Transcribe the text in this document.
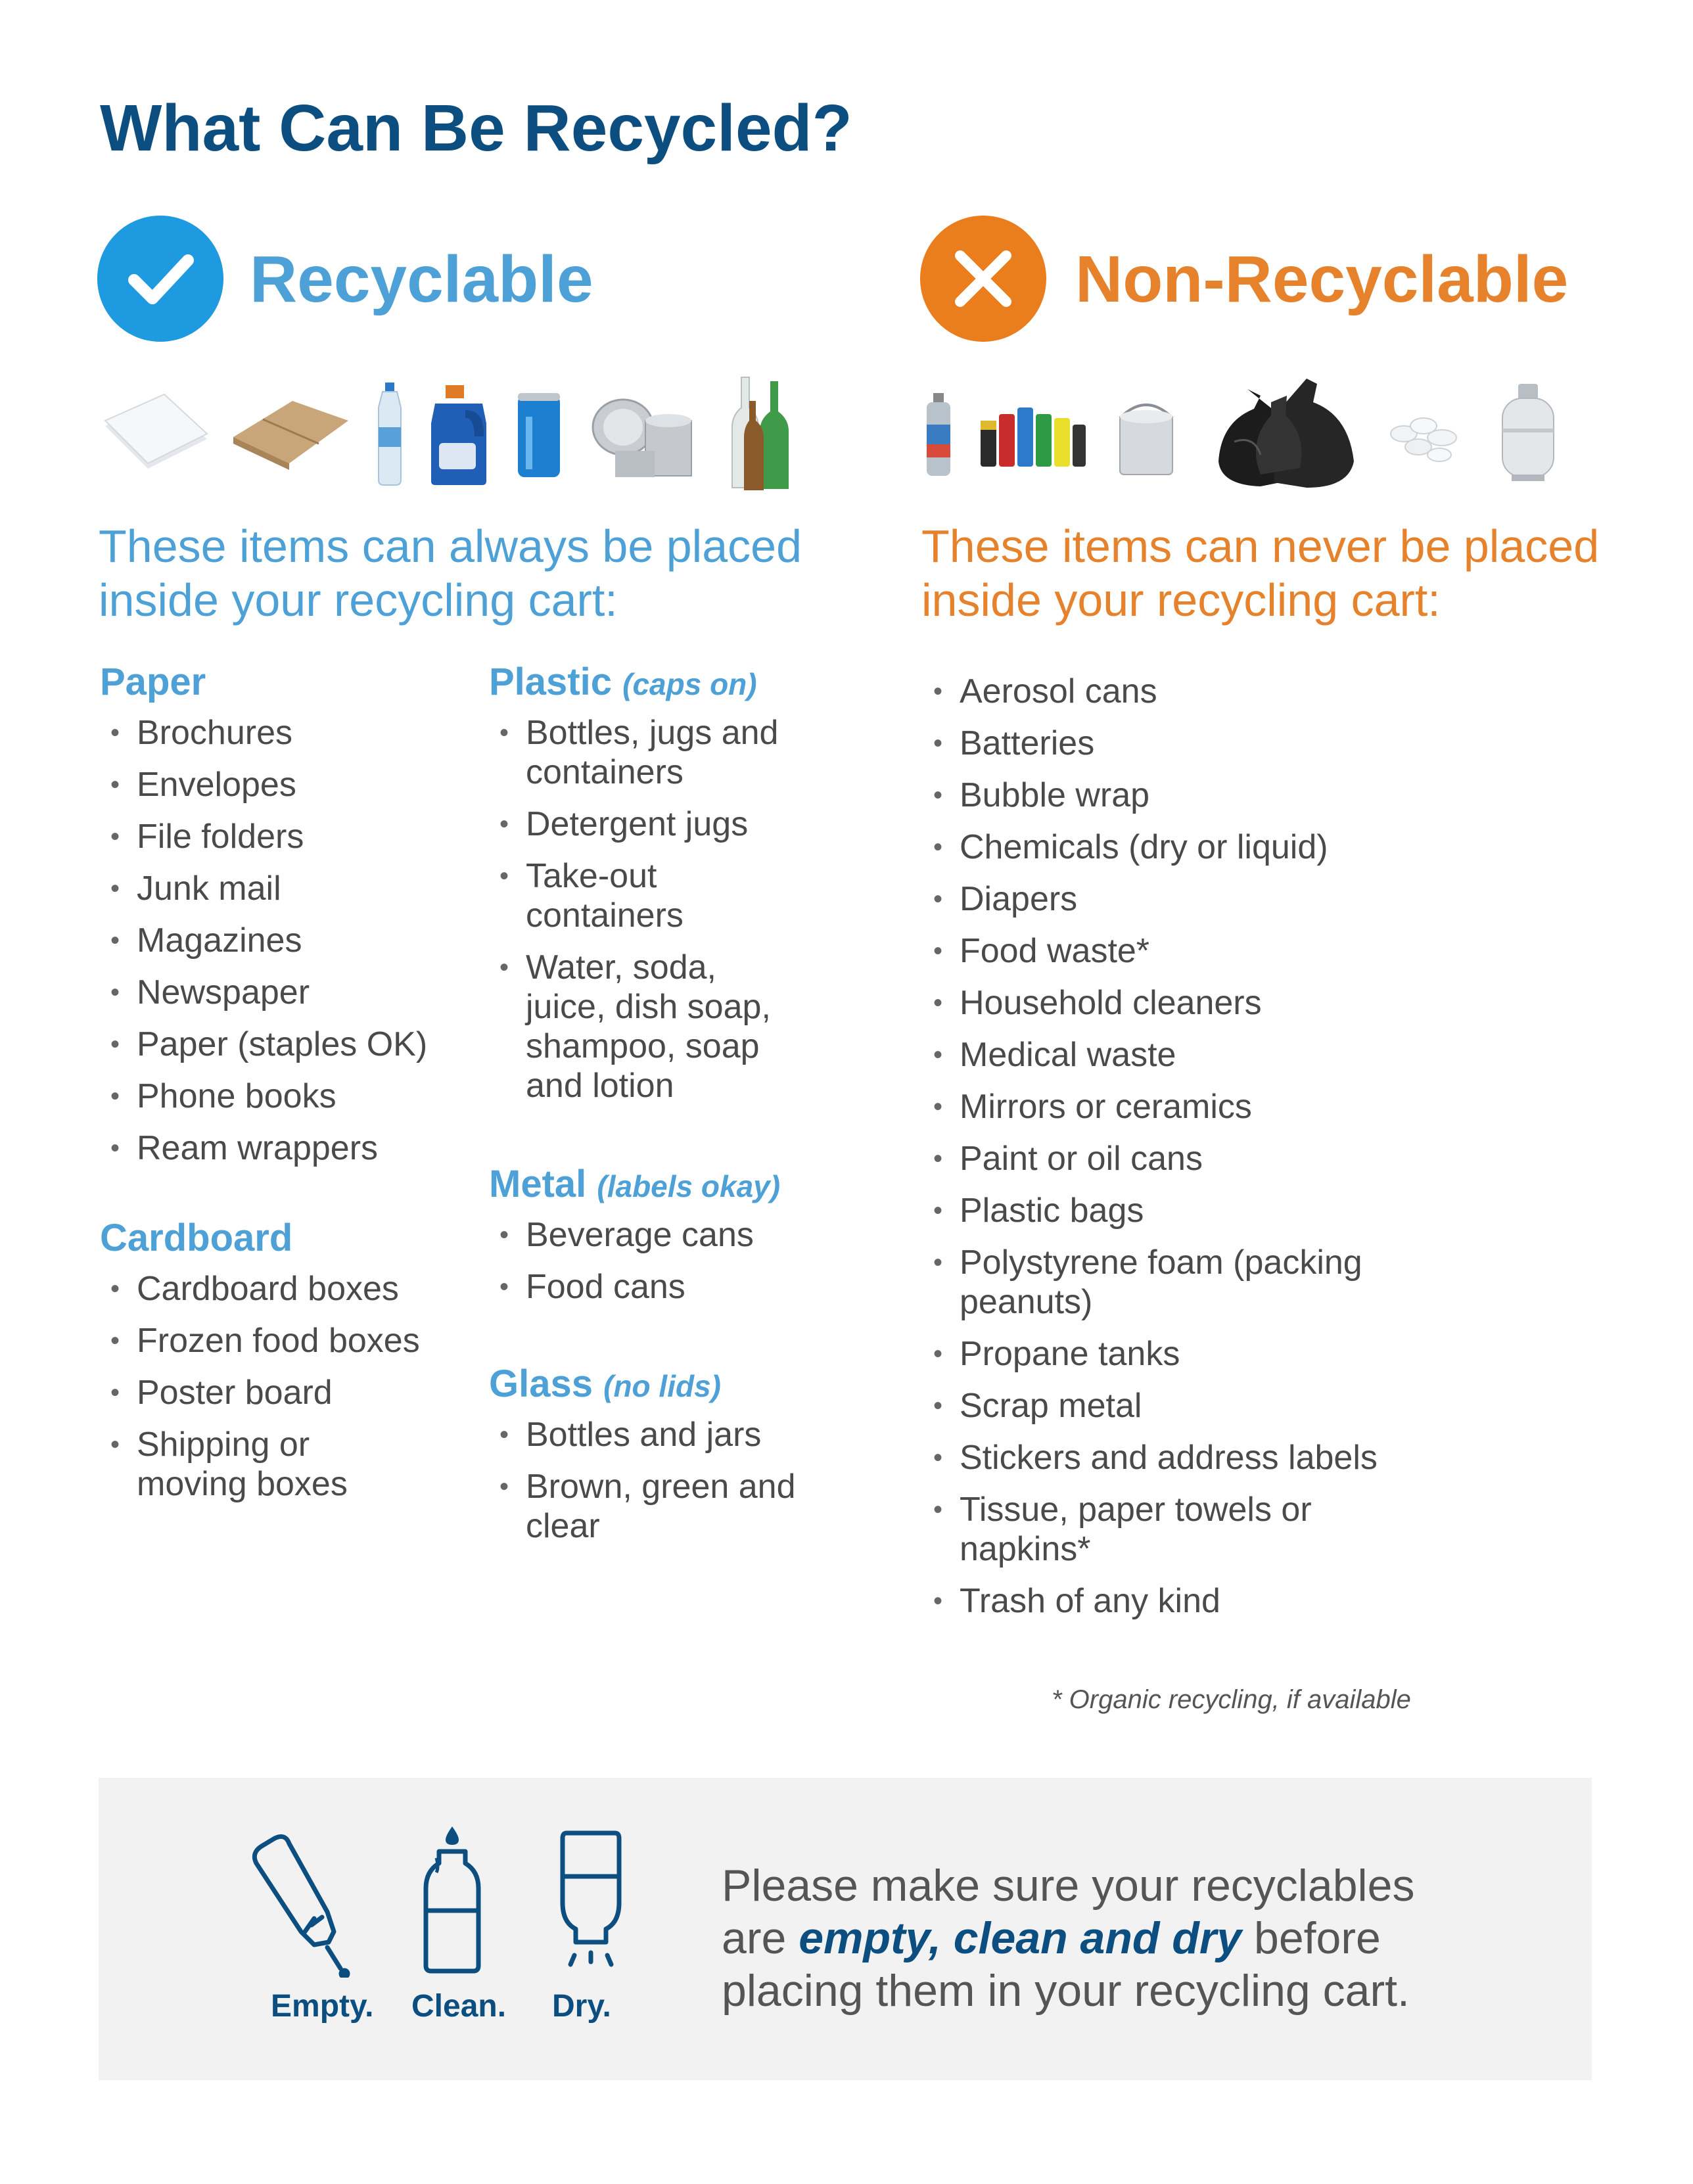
What Can Be Recycled?
Recyclable	Non-Recyclable
These items can always be placed
inside your recycling cart:
These items can never be placed
inside your recycling cart:
Paper
• Brochures
• Envelopes
• File folders
• Junk mail
• Magazines
• Newspaper
• Paper (staples OK)
• Phone books
• Ream wrappers
Cardboard
• Cardboard boxes
• Frozen food boxes
• Poster board
• Shipping or moving boxes
Plastic (caps on)
• Bottles, jugs and containers
• Detergent jugs
• Take-out containers
• Water, soda, juice, dish soap, shampoo, soap and lotion
Metal (labels okay)
• Beverage cans
• Food cans
Glass (no lids)
• Bottles and jars
• Brown, green and clear
• Aerosol cans
• Batteries
• Bubble wrap
• Chemicals (dry or liquid)
• Diapers
• Food waste*
• Household cleaners
• Medical waste
• Mirrors or ceramics
• Paint or oil cans
• Plastic bags
• Polystyrene foam (packing peanuts)
• Propane tanks
• Scrap metal
• Stickers and address labels
• Tissue, paper towels or napkins*
• Trash of any kind
* Organic recycling, if available
Empty. Clean. Dry.
Please make sure your recyclables
are empty, clean and dry before
placing them in your recycling cart.
